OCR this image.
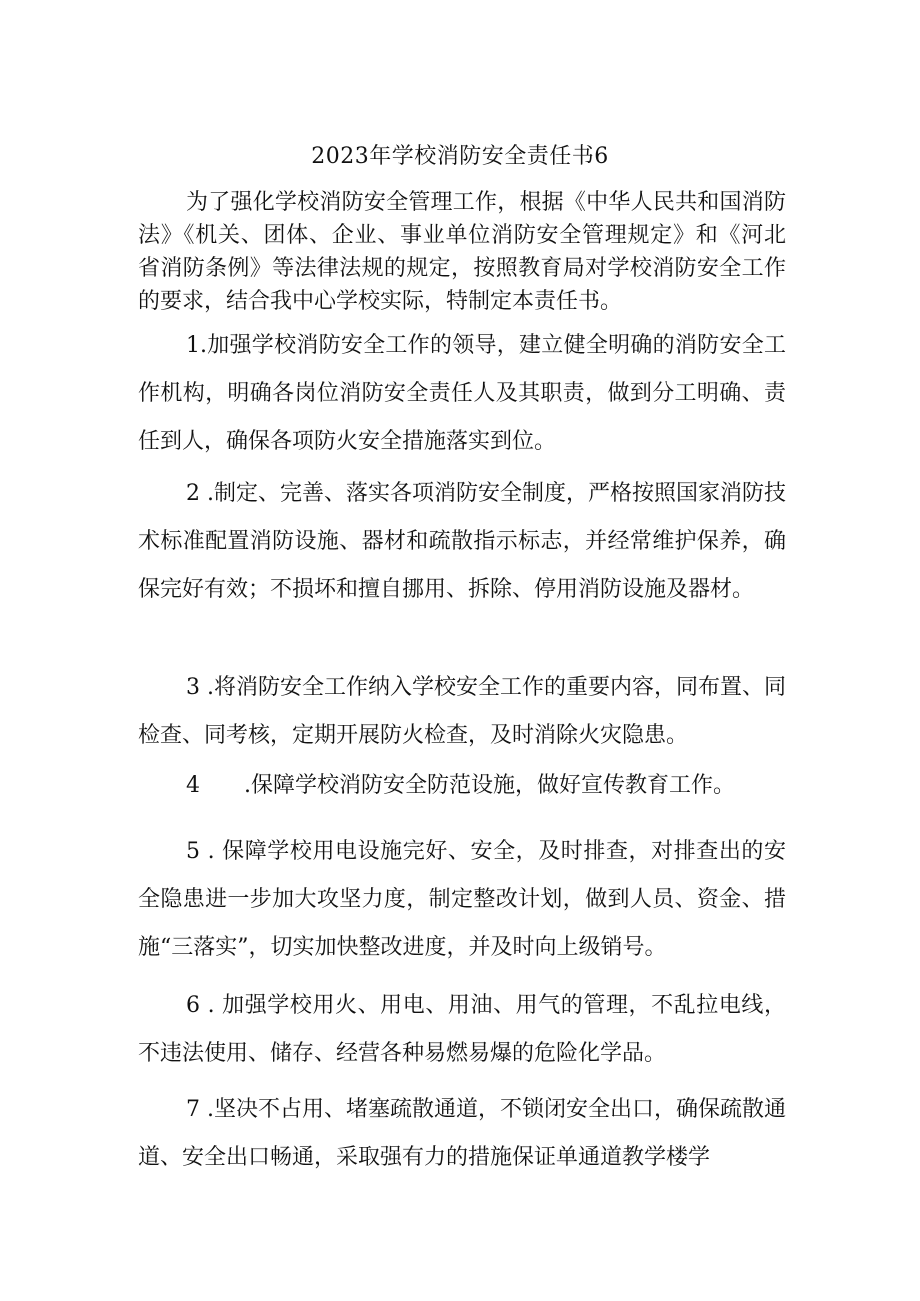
2023年学校消防安全责任书6

为了强化学校消防安全管理工作，根据《中华人民共和国消防法》《机关、团体、企业、事业单位消防安全管理规定》和《河北省消防条例》等法律法规的规定，按照教育局对学校消防安全工作的要求，结合我中心学校实际，特制定本责任书。

1.加强学校消防安全工作的领导，建立健全明确的消防安全工作机构，明确各岗位消防安全责任人及其职责，做到分工明确、责任到人，确保各项防火安全措施落实到位。

2 .制定、完善、落实各项消防安全制度，严格按照国家消防技术标准配置消防设施、器材和疏散指示标志，并经常维护保养，确保完好有效；不损坏和擅自挪用、拆除、停用消防设施及器材。

3 .将消防安全工作纳入学校安全工作的重要内容，同布置、同检查、同考核，定期开展防火检查，及时消除火灾隐患。

4　　.保障学校消防安全防范设施，做好宣传教育工作。

5 . 保障学校用电设施完好、安全，及时排查，对排查出的安全隐患进一步加大攻坚力度，制定整改计划，做到人员、资金、措施“三落实”，切实加快整改进度，并及时向上级销号。

6 . 加强学校用火、用电、用油、用气的管理，不乱拉电线，不违法使用、储存、经营各种易燃易爆的危险化学品。

7 .坚决不占用、堵塞疏散通道，不锁闭安全出口，确保疏散通道、安全出口畅通，采取强有力的措施保证单通道教学楼学
